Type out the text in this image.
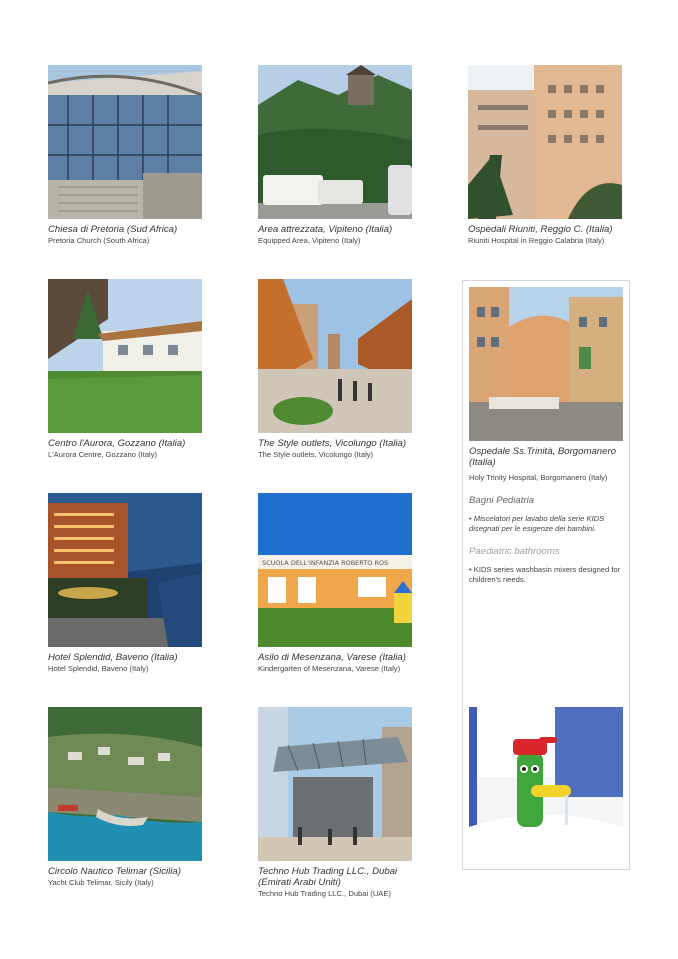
Chiesa di Pretoria (Sud Africa)
Pretoria Church (South Africa)
Area attrezzata, Vipiteno (Italia)
Equipped Area, Vipiteno (Italy)
Ospedali Riuniti, Reggio C. (Italia)
Riuniti Hospital in Reggio Calabria (Italy)
Centro l'Aurora, Gozzano (Italia)
L'Aurora Centre, Gozzano (Italy)
The Style outlets, Vicolungo (Italia)
The Style outlets, Vicolungo (Italy)
Hotel Splendid, Baveno (Italia)
Hotel Splendid, Baveno (Italy)
SCUOLA DELL'INFANZIA ROBERTO ROS
Asilo di Mesenzana, Varese (Italia)
Kindergarten of Mesenzana, Varese (Italy)
Circolo Nautico Telimar (Sicilia)
Yacht Club Telimar, Sicily (Italy)
Techno Hub Trading LLC., Dubai (Emirati Arabi Uniti)
Techno Hub Trading LLC., Dubai (UAE)
Ospedale Ss.Trinità, Borgomanero (Italia)
Holy Trinity Hospital, Borgomanero (Italy)
Bagni Pediatria
• Miscelatori per lavabo della serie KIDS disegnati per le esigenze dei bambini.
Paediatric bathrooms
• KIDS series washbasin mixers designed for children's needs.
